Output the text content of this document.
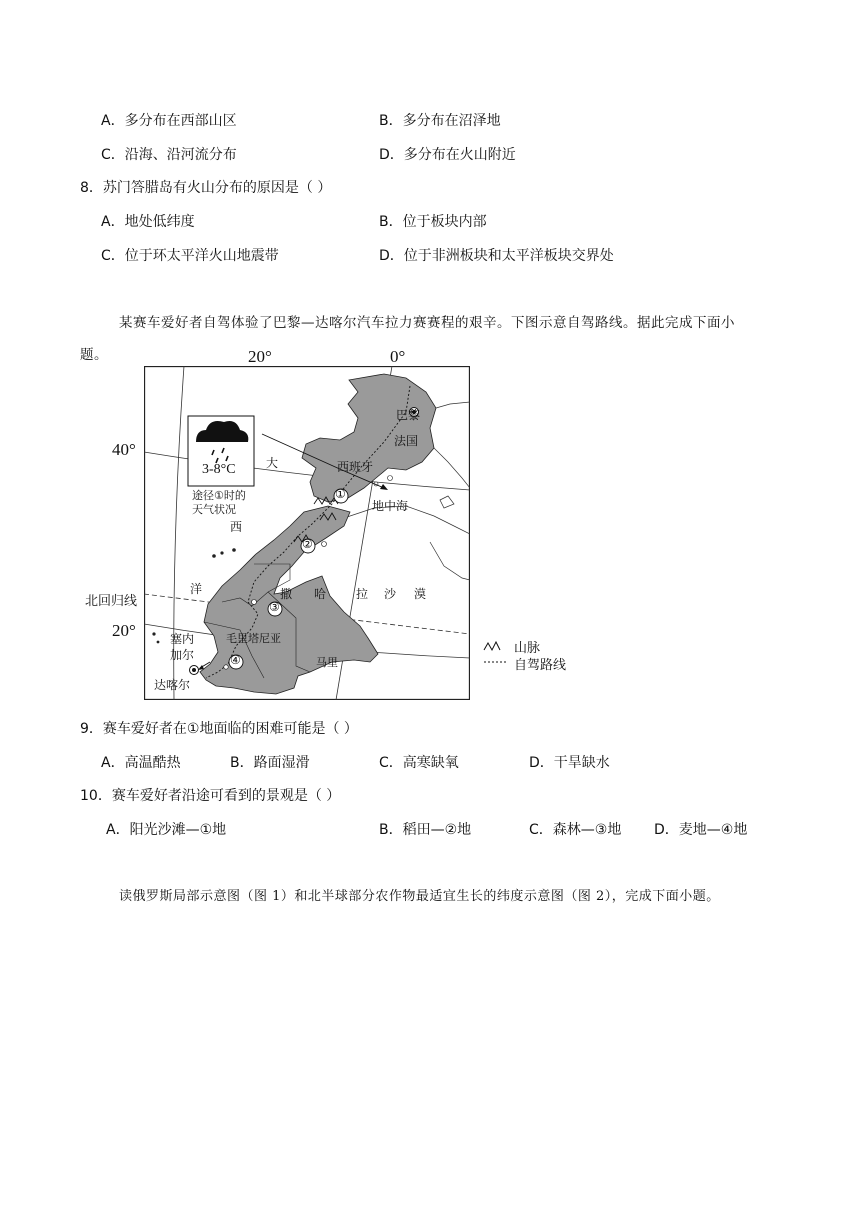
A．多分布在西部山区	B．多分布在沼泽地
C．沿海、沿河流分布	D．多分布在火山附近
8．苏门答腊岛有火山分布的原因是（ ）
A．地处低纬度	B．位于板块内部
C．位于环太平洋火山地震带	D．位于非洲板块和太平洋板块交界处
某赛车爱好者自驾体验了巴黎—达喀尔汽车拉力赛赛程的艰辛。下图示意自驾路线。据此完成下面小
题。	20°	0°
40°
20°
北回归线
3-8°C
途径①时的
天气状况
巴黎
法国
西班牙
地中海
大
西
洋	撒 哈 拉 沙 漠
毛里塔尼亚
马里
塞内
加尔
达喀尔
①
②
③
④
山脉
自驾路线
9．赛车爱好者在①地面临的困难可能是（ ）
A．高温酷热	B．路面湿滑	C．高寒缺氧	D．干旱缺水
10．赛车爱好者沿途可看到的景观是（ ）
A．阳光沙滩—①地	B．稻田—②地	C．森林—③地 D．麦地—④地
读俄罗斯局部示意图（图 1）和北半球部分农作物最适宜生长的纬度示意图（图 2），完成下面小题。
